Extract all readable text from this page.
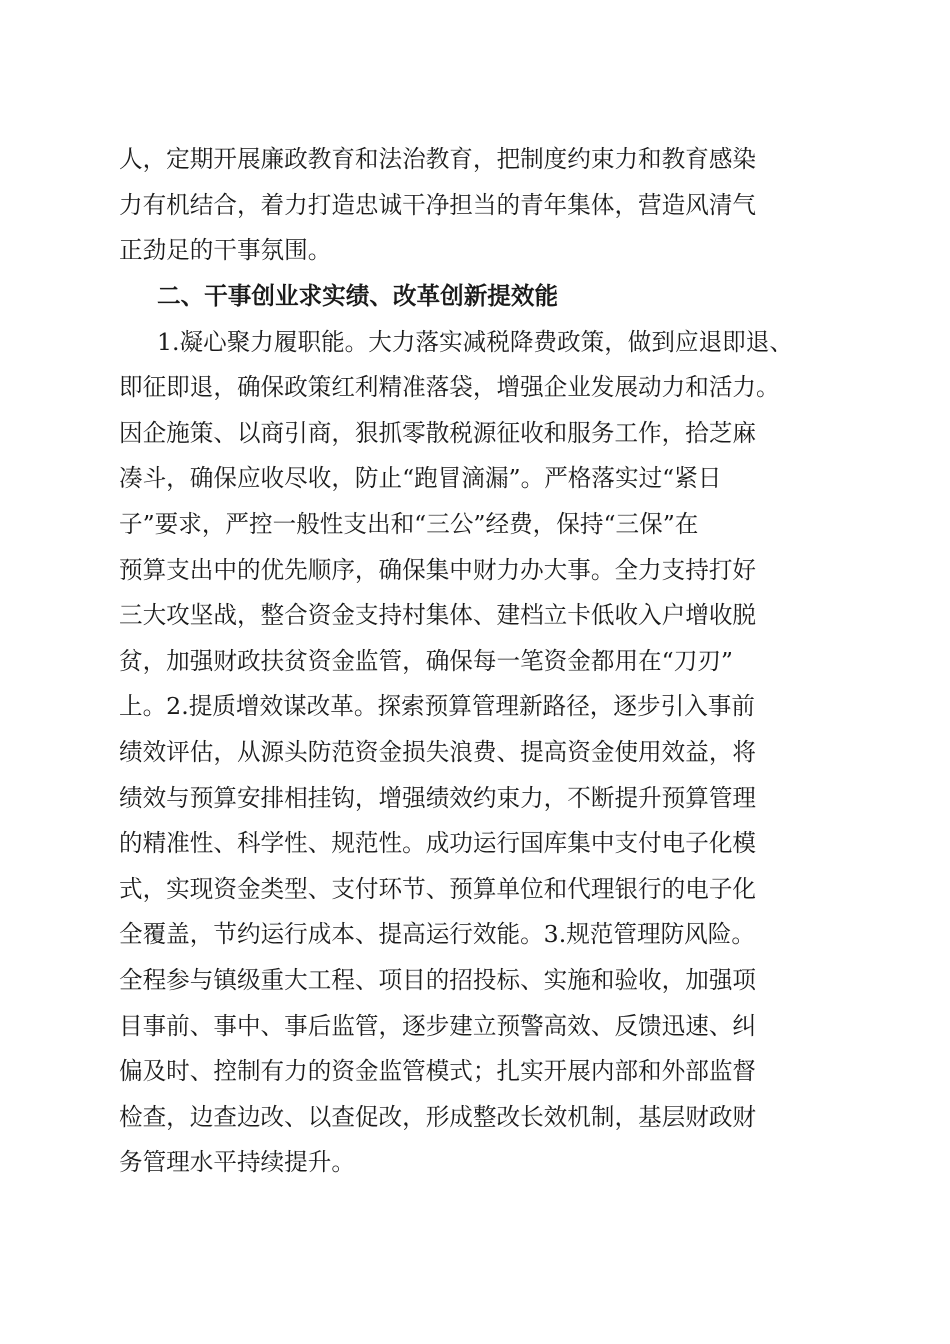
人，定期开展廉政教育和法治教育，把制度约束力和教育感染
力有机结合，着力打造忠诚干净担当的青年集体，营造风清气
正劲足的干事氛围。
二、干事创业求实绩、改革创新提效能
1.凝心聚力履职能。大力落实减税降费政策，做到应退即退、
即征即退，确保政策红利精准落袋，增强企业发展动力和活力。
因企施策、以商引商，狠抓零散税源征收和服务工作，拾芝麻
凑斗，确保应收尽收，防止“跑冒滴漏”。严格落实过“紧日
子”要求，严控一般性支出和“三公”经费，保持“三保”在
预算支出中的优先顺序，确保集中财力办大事。全力支持打好
三大攻坚战，整合资金支持村集体、建档立卡低收入户增收脱
贫，加强财政扶贫资金监管，确保每一笔资金都用在“刀刃”
上。2.提质增效谋改革。探索预算管理新路径，逐步引入事前
绩效评估，从源头防范资金损失浪费、提高资金使用效益，将
绩效与预算安排相挂钩，增强绩效约束力，不断提升预算管理
的精准性、科学性、规范性。成功运行国库集中支付电子化模
式，实现资金类型、支付环节、预算单位和代理银行的电子化
全覆盖，节约运行成本、提高运行效能。3.规范管理防风险。
全程参与镇级重大工程、项目的招投标、实施和验收，加强项
目事前、事中、事后监管，逐步建立预警高效、反馈迅速、纠
偏及时、控制有力的资金监管模式；扎实开展内部和外部监督
检查，边查边改、以查促改，形成整改长效机制，基层财政财
务管理水平持续提升。
